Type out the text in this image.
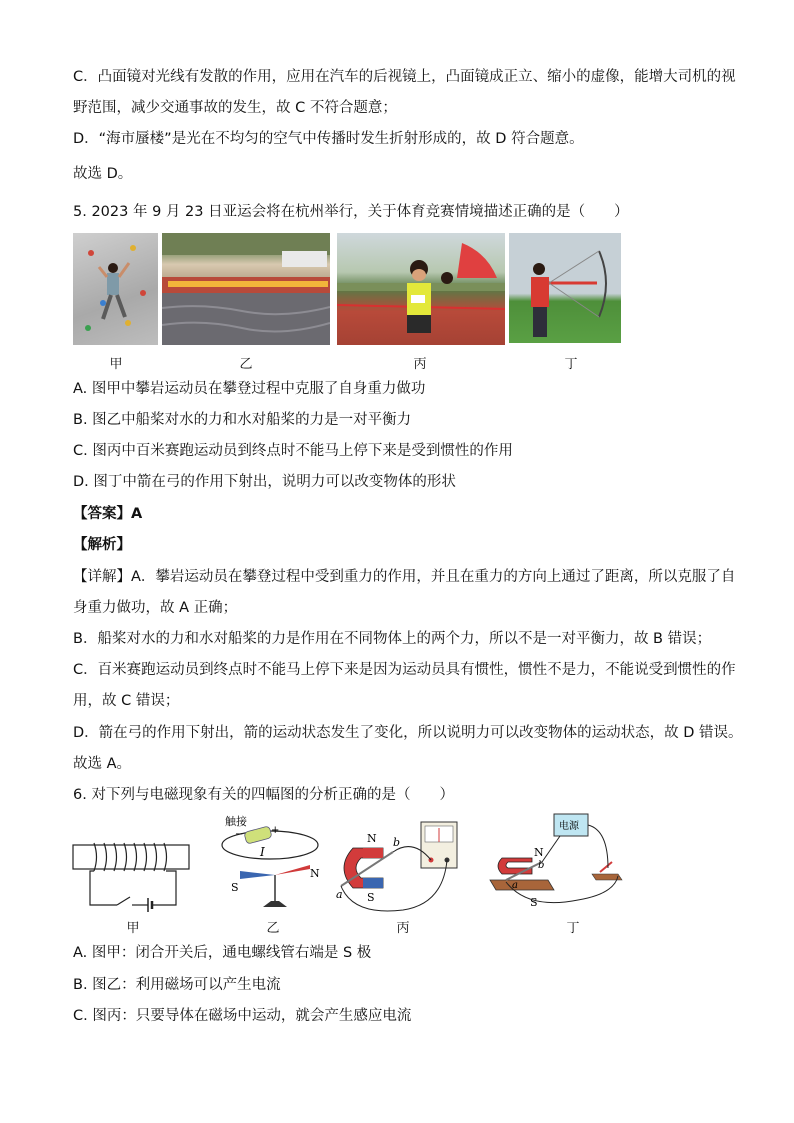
C．凸面镜对光线有发散的作用，应用在汽车的后视镜上，凸面镜成正立、缩小的虚像，能增大司机的视
野范围，减少交通事故的发生，故 C 不符合题意；
D．“海市蜃楼”是光在不均匀的空气中传播时发生折射形成的，故 D 符合题意。
故选 D。
5. 2023 年 9 月 23 日亚运会将在杭州举行，关于体育竞赛情境描述正确的是（　　）
甲	乙	丙	丁
A. 图甲中攀岩运动员在攀登过程中克服了自身重力做功
B. 图乙中船桨对水的力和水对船桨的力是一对平衡力
C. 图丙中百米赛跑运动员到终点时不能马上停下来是受到惯性的作用
D. 图丁中箭在弓的作用下射出，说明力可以改变物体的形状
【答案】A
【解析】
【详解】A．攀岩运动员在攀登过程中受到重力的作用，并且在重力的方向上通过了距离，所以克服了自
身重力做功，故 A 正确；
B．船桨对水的力和水对船桨的力是作用在不同物体上的两个力，所以不是一对平衡力，故 B 错误；
C．百米赛跑运动员到终点时不能马上停下来是因为运动员具有惯性，惯性不是力，不能说受到惯性的作
用，故 C 错误；
D．箭在弓的作用下射出，箭的运动状态发生了变化，所以说明力可以改变物体的运动状态，故 D 错误。
故选 A。
6. 对下列与电磁现象有关的四幅图的分析正确的是（　　）
触接
+
−
I
S
N
N
S
a
b
电源
N
b
a
S
甲	乙	丙	丁
A. 图甲：闭合开关后，通电螺线管右端是 S 极
B. 图乙：利用磁场可以产生电流
C. 图丙：只要导体在磁场中运动，就会产生感应电流
